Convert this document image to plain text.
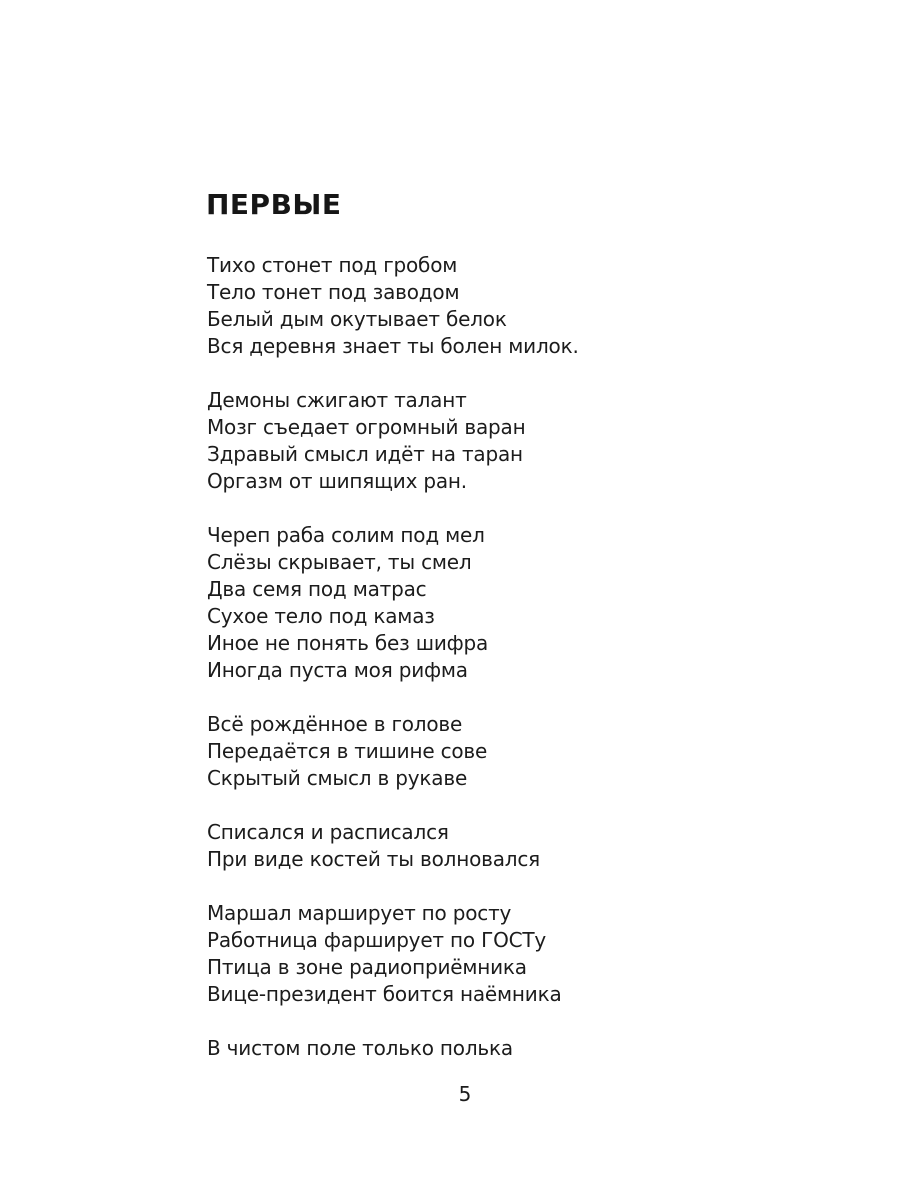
ПЕРВЫЕ

Тихо стонет под гробом
Тело тонет под заводом
Белый дым окутывает белок
Вся деревня знает ты болен милок.

Демоны сжигают талант
Мозг съедает огромный варан
Здравый смысл идёт на таран
Оргазм от шипящих ран.

Череп раба солим под мел
Слёзы скрывает, ты смел
Два семя под матрас
Сухое тело под камаз
Иное не понять без шифра
Иногда пуста моя рифма

Всё рождённое в голове
Передаётся в тишине сове
Скрытый смысл в рукаве

Списался и расписался
При виде костей ты волновался

Маршал марширует по росту
Работница фарширует по ГОСТу
Птица в зоне радиоприёмника
Вице-президент боится наёмника

В чистом поле только полька

5
